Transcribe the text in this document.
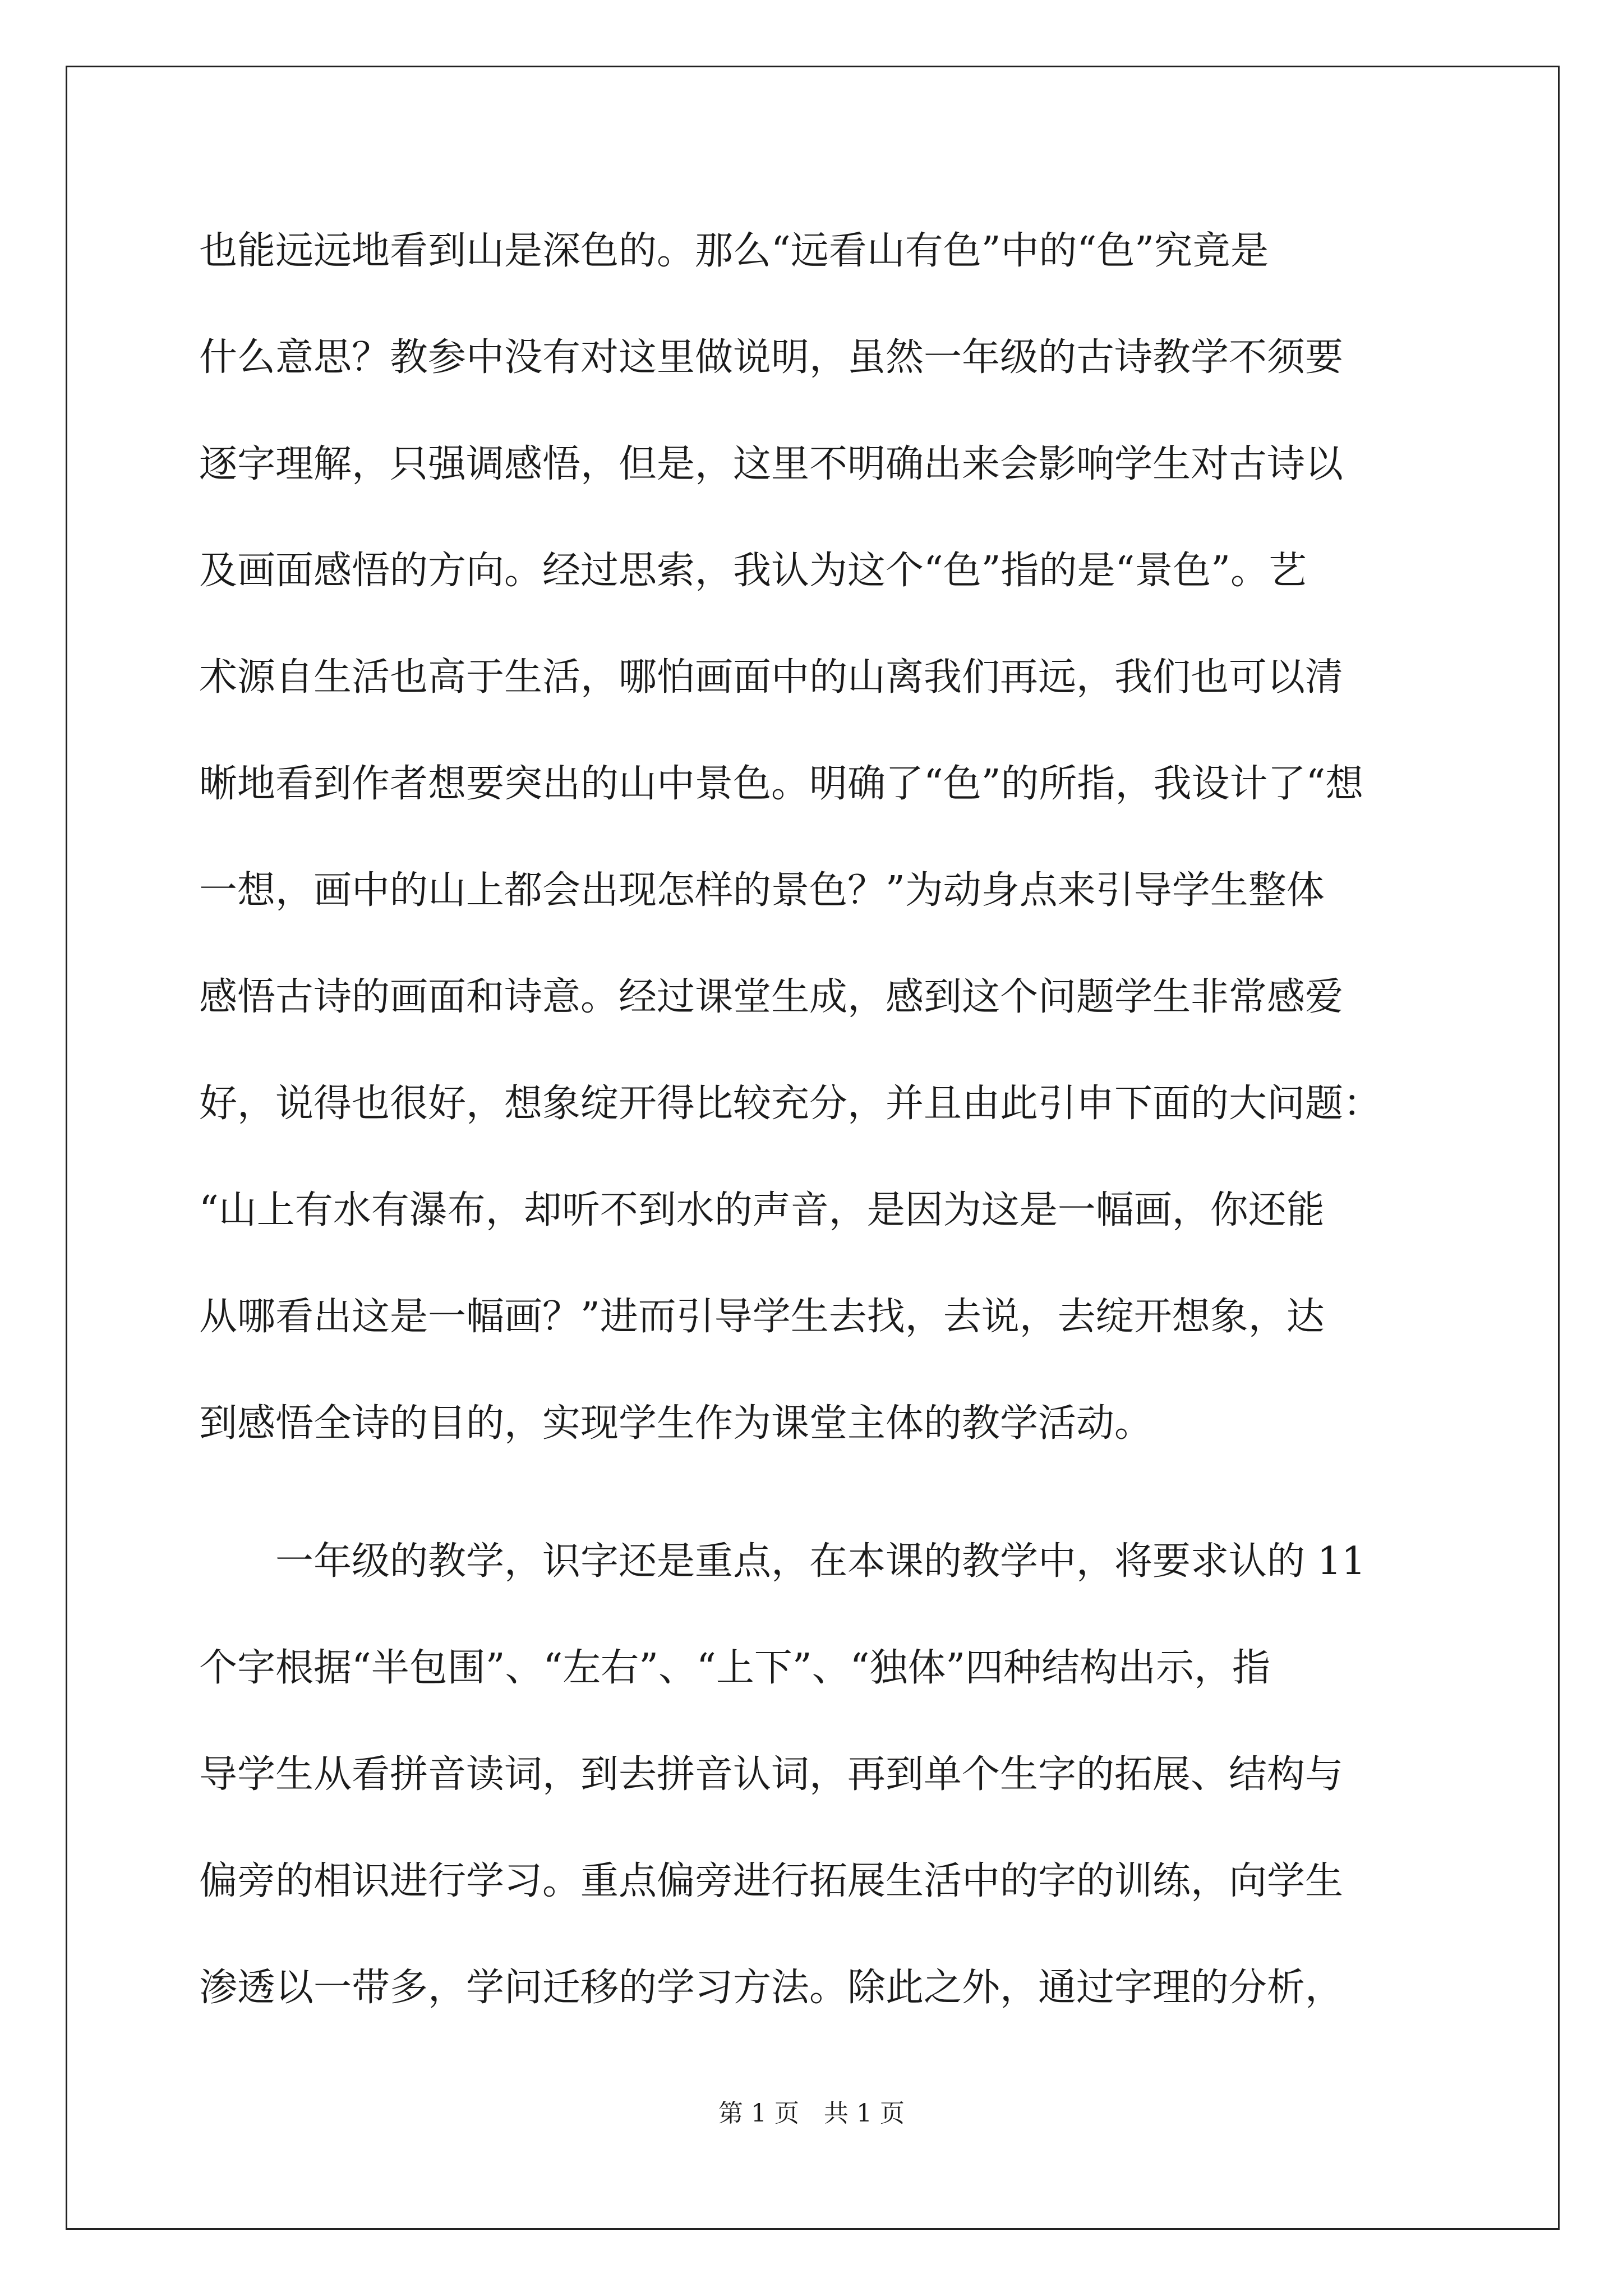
也能远远地看到山是深色的。那么“远看山有色”中的“色”究竟是
什么意思？教参中没有对这里做说明，虽然一年级的古诗教学不须要
逐字理解，只强调感悟，但是，这里不明确出来会影响学生对古诗以
及画面感悟的方向。经过思索，我认为这个“色”指的是“景色”。艺
术源自生活也高于生活，哪怕画面中的山离我们再远，我们也可以清
晰地看到作者想要突出的山中景色。明确了“色”的所指，我设计了“想
一想，画中的山上都会出现怎样的景色？”为动身点来引导学生整体
感悟古诗的画面和诗意。经过课堂生成，感到这个问题学生非常感爱
好，说得也很好，想象绽开得比较充分，并且由此引申下面的大问题：
“山上有水有瀑布，却听不到水的声音，是因为这是一幅画，你还能
从哪看出这是一幅画？”进而引导学生去找，去说，去绽开想象，达
到感悟全诗的目的，实现学生作为课堂主体的教学活动。
一年级的教学，识字还是重点，在本课的教学中，将要求认的 11
个字根据“半包围”、“左右”、“上下”、“独体”四种结构出示，指
导学生从看拼音读词，到去拼音认词，再到单个生字的拓展、结构与
偏旁的相识进行学习。重点偏旁进行拓展生活中的字的训练，向学生
渗透以一带多，学问迁移的学习方法。除此之外，通过字理的分析，
第 1 页　共 1 页
